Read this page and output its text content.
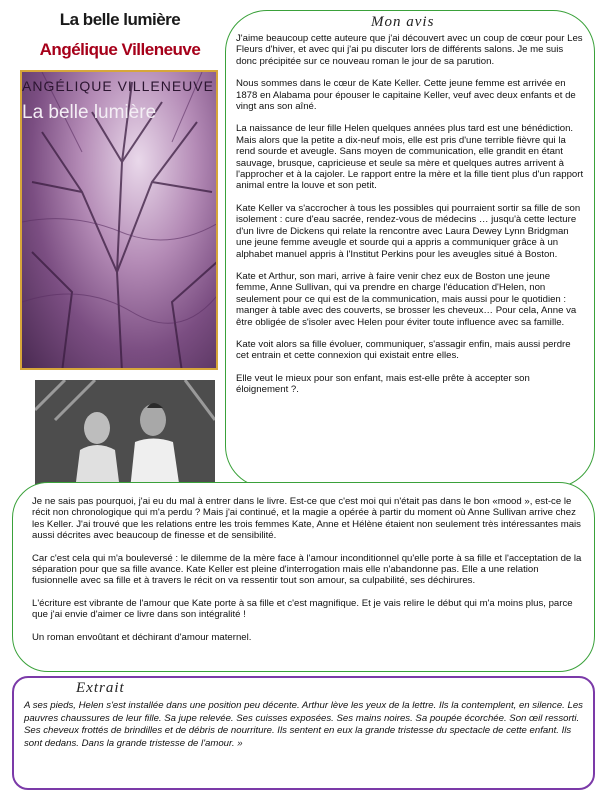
La belle lumière
Angélique Villeneuve
ANGÉLIQUE VILLENEUVE
La belle lumière
Mon avis

J'aime beaucoup cette auteure que j'ai découvert avec un coup de cœur pour Les Fleurs d'hiver, et avec qui j'ai pu discuter lors de différents salons. Je me suis donc précipitée sur ce nouveau roman le jour de sa parution.

Nous sommes dans le cœur de Kate Keller. Cette jeune femme est arrivée en 1878 en Alabama pour épouser le capitaine Keller, veuf avec deux enfants et de vingt ans son aîné.

La naissance de leur fille Helen quelques années plus tard est une bénédiction. Mais alors que la petite a dix-neuf mois, elle est pris d'une terrible fièvre qui la rend sourde et aveugle. Sans moyen de communication, elle grandit en étant sauvage, brusque, capricieuse et seule sa mère et quelques autres arrivent à l'approcher et à la cajoler. Le rapport entre la mère et la fille tient plus d'un rapport animal entre la louve et son petit.

Kate Keller va s'accrocher à tous les possibles qui pourraient sortir sa fille de son isolement : cure d'eau sacrée, rendez-vous de médecins … jusqu'à cette lecture d'un livre de Dickens qui relate la rencontre avec Laura Dewey Lynn Bridgman une jeune femme aveugle et sourde qui a appris a communiquer grâce à un alphabet manuel appris à l'Institut Perkins pour les aveugles situé à Boston.

Kate et Arthur, son mari, arrive à faire venir chez eux de Boston une jeune femme, Anne Sullivan, qui va prendre en charge l'éducation d'Helen, non seulement pour ce qui est de la communication, mais aussi pour le quotidien : manger à table avec des couverts, se brosser les cheveux… Pour cela, Anne va être obligée de s'isoler avec Helen pour éviter toute influence avec sa famille.

Kate voit alors sa fille évoluer, communiquer, s'assagir enfin, mais aussi perdre cet entrain et cette connexion qui existait entre elles.

Elle veut le mieux pour son enfant, mais est-elle prête à accepter son éloignement ?.

Je ne sais pas pourquoi, j'ai eu du mal à entrer dans le livre. Est-ce que c'est moi qui n'était pas dans le bon «mood », est-ce le récit non chronologique qui m'a perdu ? Mais j'ai continué, et la magie a opérée à partir du moment où Anne Sullivan arrive chez les Keller. J'ai trouvé que les relations entre les trois femmes Kate, Anne et Hélène étaient non seulement très intéressantes mais aussi décrites avec beaucoup de finesse et de sensibilité.

Car c'est cela qui m'a bouleversé : le dilemme de la mère face à l'amour inconditionnel qu'elle porte à sa fille et l'acceptation de la séparation pour que sa fille avance. Kate Keller est pleine d'interrogation mais elle n'abandonne pas. Elle a une relation fusionnelle avec sa fille et à travers le récit on va ressentir tout son amour, sa culpabilité, ses déchirures.

L'écriture est vibrante de l'amour que Kate porte à sa fille et c'est magnifique. Et je vais relire le début qui m'a moins plus, parce que j'ai envie d'aimer ce livre dans son intégralité !

Un roman envoûtant et déchirant d'amour maternel.

Extrait
A ses pieds, Helen s'est installée dans une position peu décente. Arthur lève les yeux de la lettre. Ils la contemplent, en silence. Les pauvres chaussures de leur fille. Sa jupe relevée. Ses cuisses exposées. Ses mains noires. Sa poupée écorchée. Son œil ressorti. Ses cheveux frottés de brindilles et de débris de nourriture. Ils sentent en eux la grande tristesse du spectacle de cette enfant. Ils sont dedans. Dans la grande tristesse de l'amour. »
